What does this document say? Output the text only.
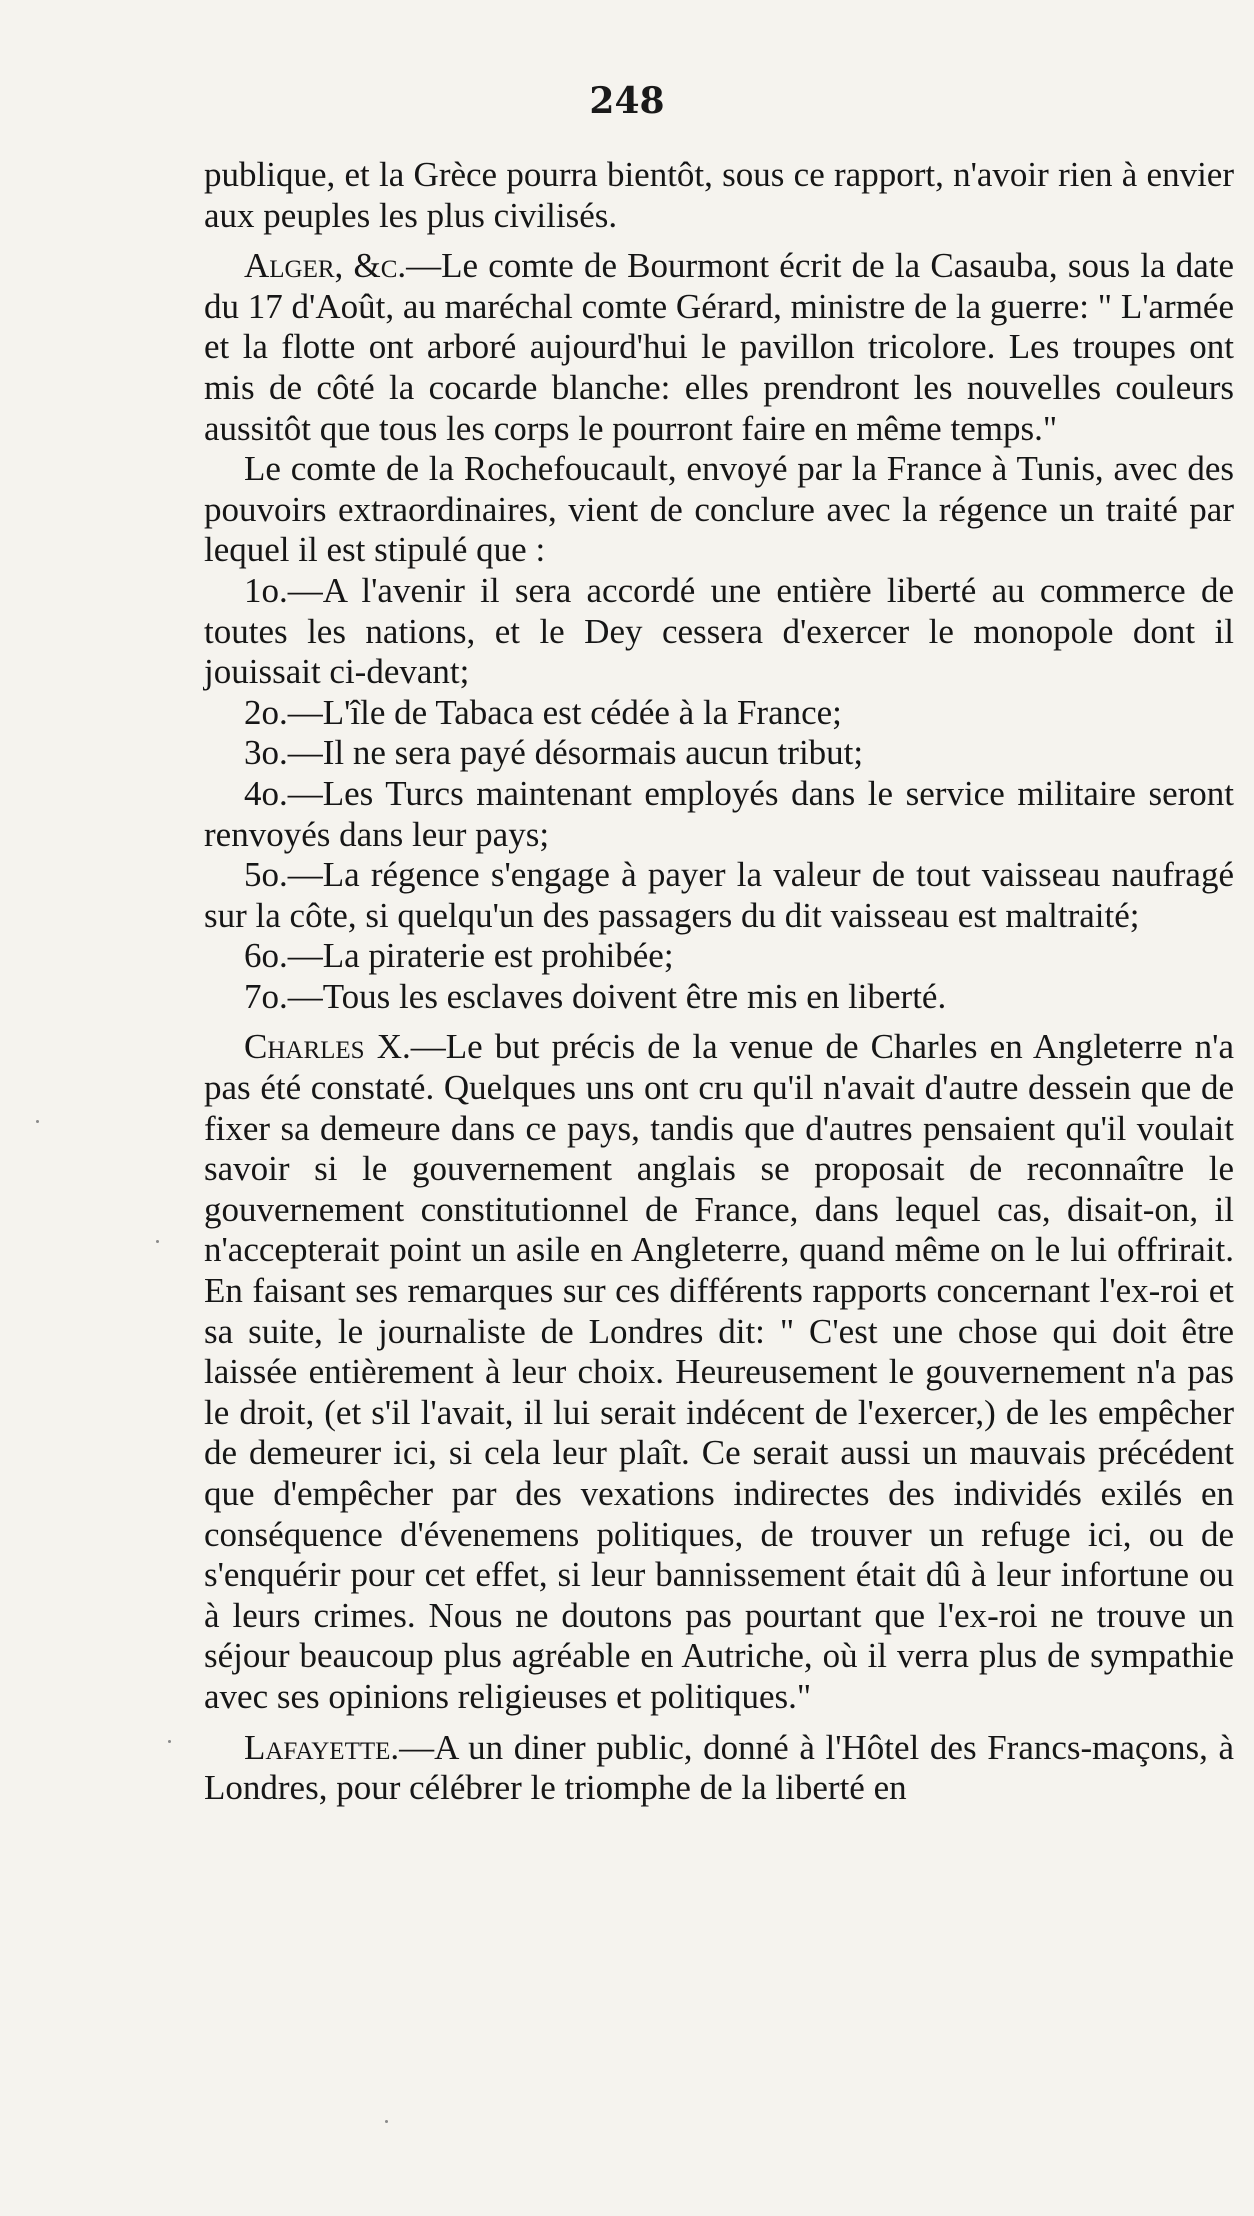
248

publique, et la Grèce pourra bientôt, sous ce rapport, n'avoir rien à envier aux peuples les plus civilisés.

Alger, &c.—Le comte de Bourmont écrit de la Casauba, sous la date du 17 d'Août, au maréchal comte Gérard, ministre de la guerre: " L'armée et la flotte ont arboré aujourd'hui le pavillon tricolore. Les troupes ont mis de côté la cocarde blanche: elles prendront les nouvelles couleurs aussitôt que tous les corps le pourront faire en même temps."

Le comte de la Rochefoucault, envoyé par la France à Tunis, avec des pouvoirs extraordinaires, vient de conclure avec la régence un traité par lequel il est stipulé que :

1o.—A l'avenir il sera accordé une entière liberté au commerce de toutes les nations, et le Dey cessera d'exercer le monopole dont il jouissait ci-devant;

2o.—L'île de Tabaca est cédée à la France;

3o.—Il ne sera payé désormais aucun tribut;

4o.—Les Turcs maintenant employés dans le service militaire seront renvoyés dans leur pays;

5o.—La régence s'engage à payer la valeur de tout vaisseau naufragé sur la côte, si quelqu'un des passagers du dit vaisseau est maltraité;

6o.—La piraterie est prohibée;

7o.—Tous les esclaves doivent être mis en liberté.

Charles X.—Le but précis de la venue de Charles en Angleterre n'a pas été constaté. Quelques uns ont cru qu'il n'avait d'autre dessein que de fixer sa demeure dans ce pays, tandis que d'autres pensaient qu'il voulait savoir si le gouvernement anglais se proposait de reconnaître le gouvernement constitutionnel de France, dans lequel cas, disait-on, il n'accepterait point un asile en Angleterre, quand même on le lui offrirait. En faisant ses remarques sur ces différents rapports concernant l'ex-roi et sa suite, le journaliste de Londres dit: " C'est une chose qui doit être laissée entièrement à leur choix. Heureusement le gouvernement n'a pas le droit, (et s'il l'avait, il lui serait indécent de l'exercer,) de les empêcher de demeurer ici, si cela leur plaît. Ce serait aussi un mauvais précédent que d'empêcher par des vexations indirectes des individés exilés en conséquence d'évenemens politiques, de trouver un refuge ici, ou de s'enquérir pour cet effet, si leur bannissement était dû à leur infortune ou à leurs crimes. Nous ne doutons pas pourtant que l'ex-roi ne trouve un séjour beaucoup plus agréable en Autriche, où il verra plus de sympathie avec ses opinions religieuses et politiques."

Lafayette.—A un diner public, donné à l'Hôtel des Francs-maçons, à Londres, pour célébrer le triomphe de la liberté en
